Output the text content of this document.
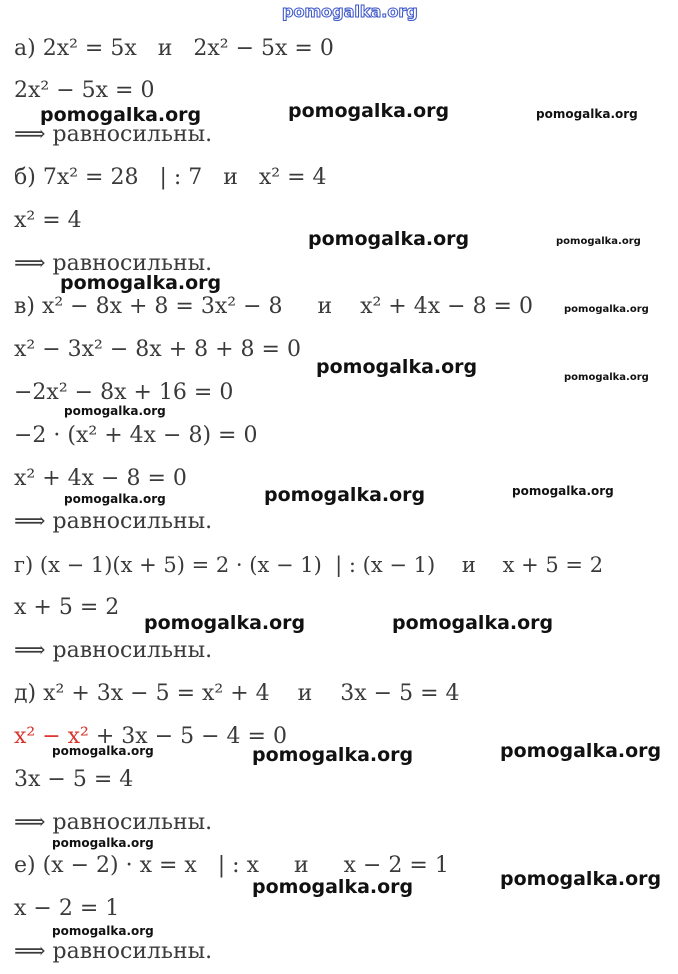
pomogalka.org
а) 2x² = 5x   и   2x² − 5x = 0
2x² − 5x = 0
⟹ равносильны.
б) 7x² = 28   | : 7   и   x² = 4
x² = 4
⟹ равносильны.
в) x² − 8x + 8 = 3x² − 8     и    x² + 4x − 8 = 0
x² − 3x² − 8x + 8 + 8 = 0
−2x² − 8x + 16 = 0
−2 · (x² + 4x − 8) = 0
x² + 4x − 8 = 0
⟹ равносильны.
г) (x − 1)(x + 5) = 2 · (x − 1)  | : (x − 1)    и    x + 5 = 2
x + 5 = 2
⟹ равносильны.
д) x² + 3x − 5 = x² + 4    и    3x − 5 = 4
x² − x² + 3x − 5 − 4 = 0
3x − 5 = 4
⟹ равносильны.
е) (x − 2) · x = x   | : x     и     x − 2 = 1
x − 2 = 1
⟹ равносильны.
pomogalka.org	pomogalka.org	pomogalka.org
pomogalka.org	pomogalka.org
pomogalka.org
pomogalka.org
pomogalka.org	pomogalka.org
pomogalka.org
pomogalka.org	pomogalka.org	pomogalka.org
pomogalka.org	pomogalka.org
pomogalka.org	pomogalka.org	pomogalka.org
pomogalka.org
pomogalka.org	pomogalka.org
pomogalka.org
